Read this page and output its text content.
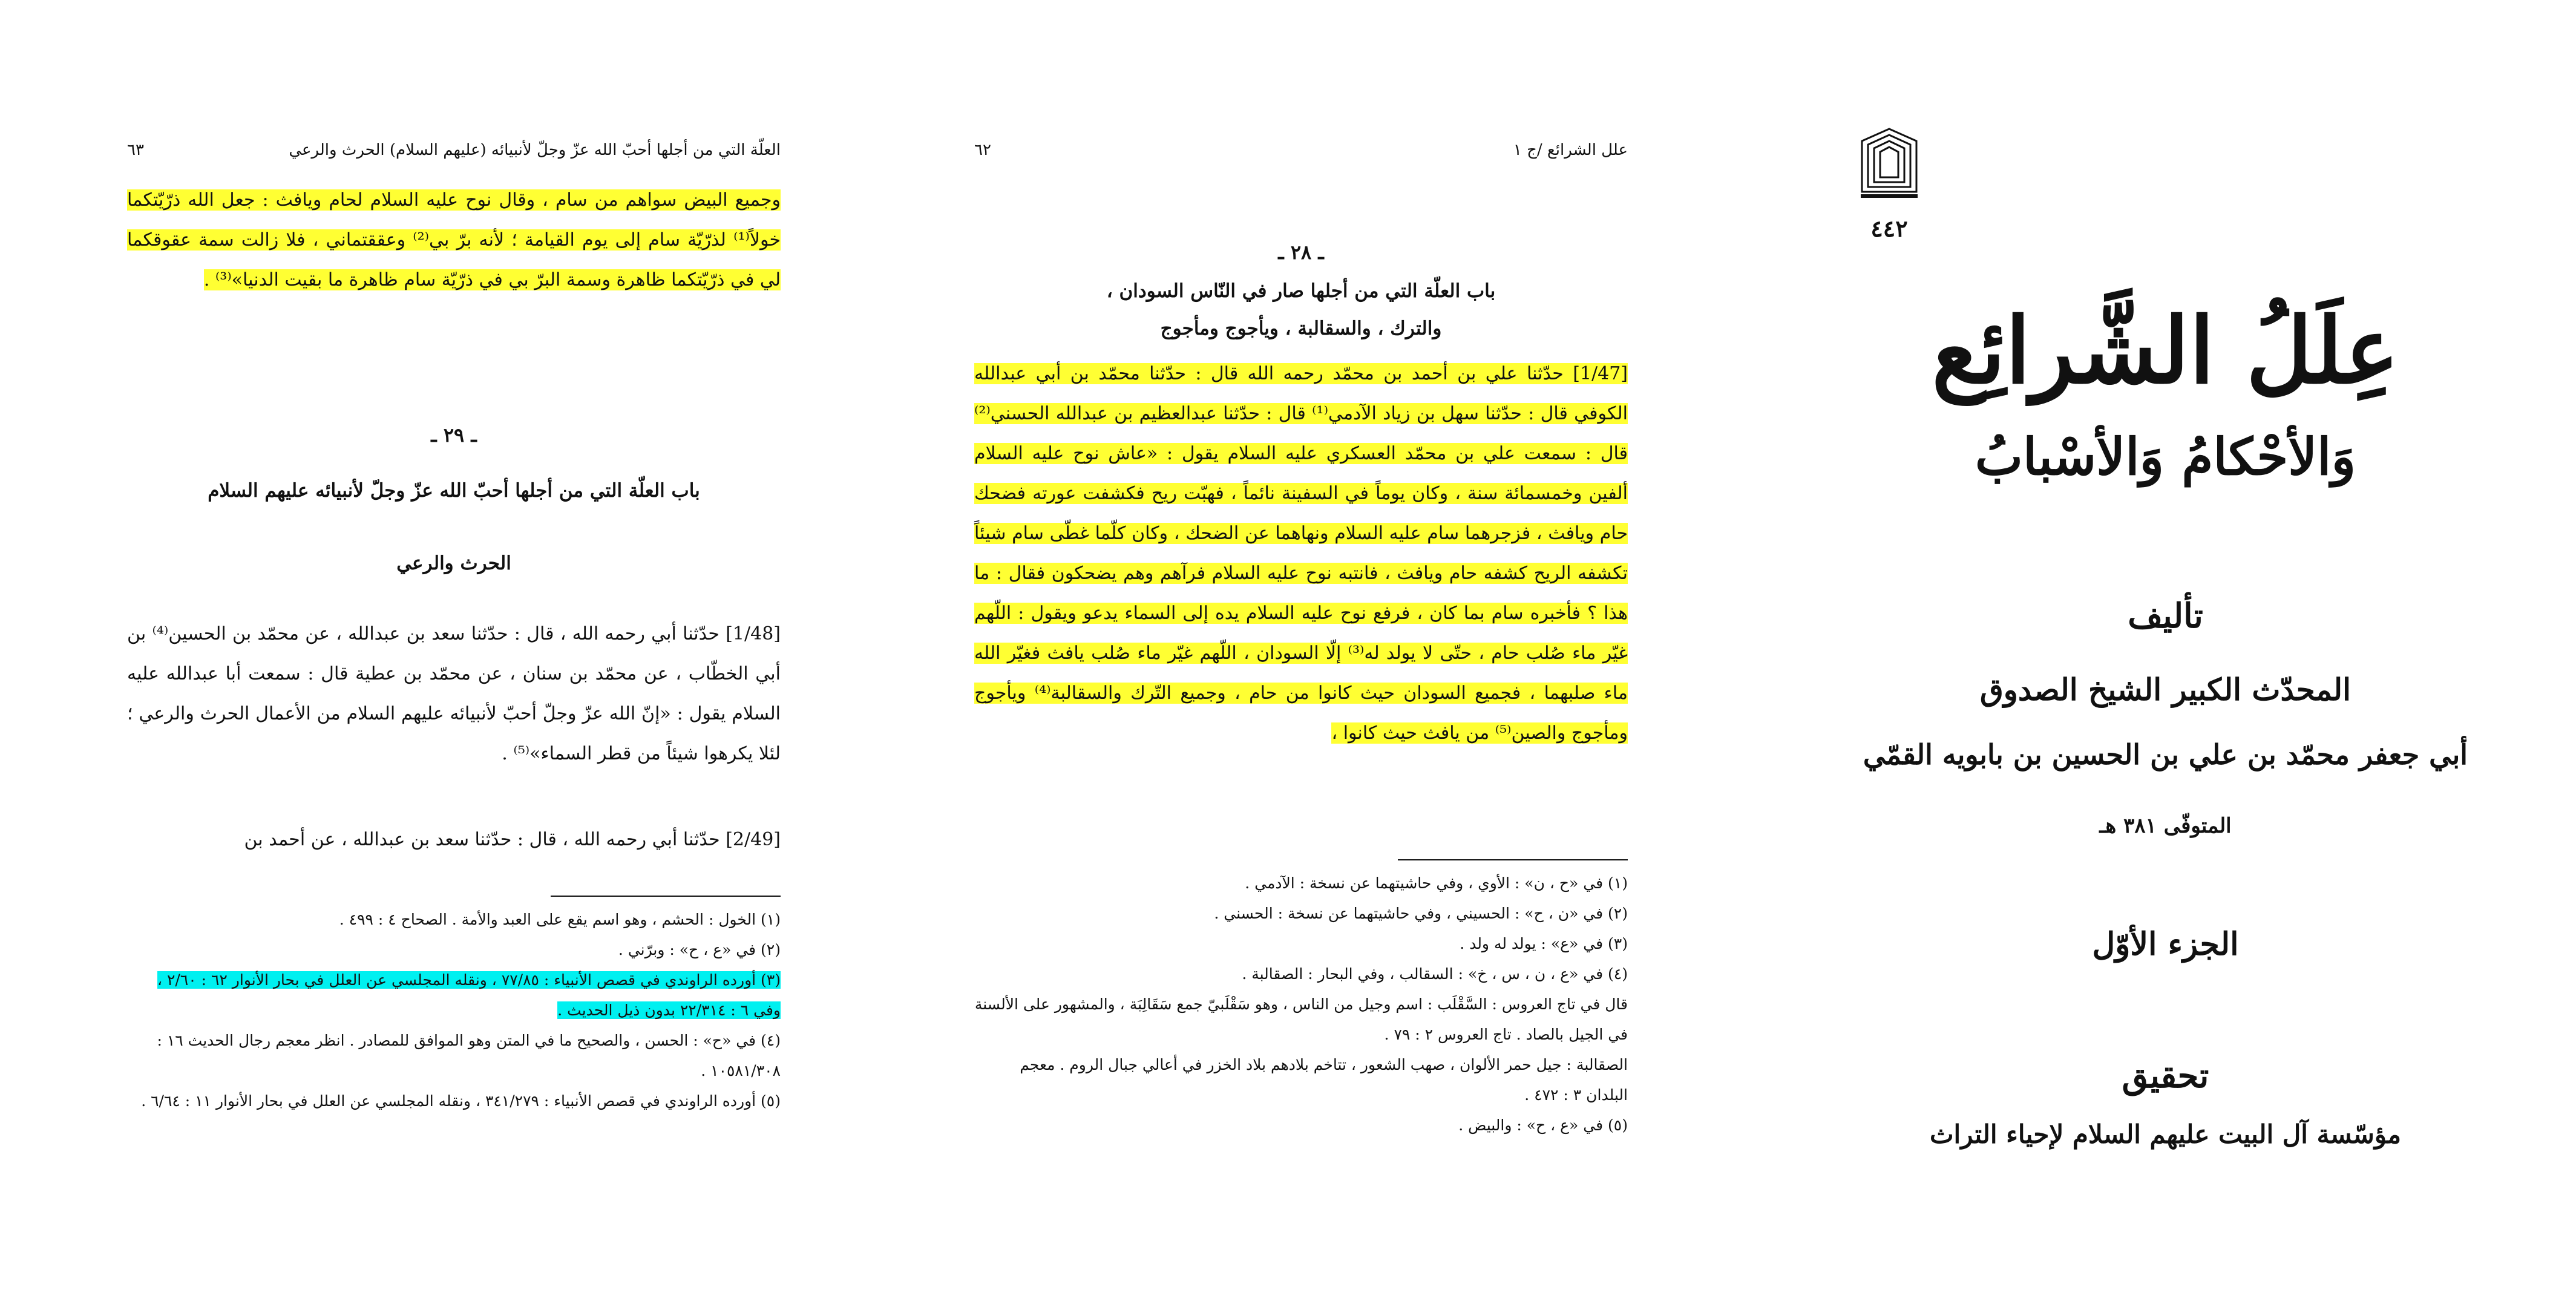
العلّة التي من أجلها أحبّ الله عزّ وجلّ لأنبيائه (عليهم السلام) الحرث والرعي
٦٣
وجميع البيض سواهم من سام ، وقال نوح عليه السلام لحام ويافث : جعل الله ذرّيّتكما خولاً⁽¹⁾ لذرّيّة سام إلى يوم القيامة ؛ لأنه برّ بي⁽²⁾ وعققتماني ، فلا زالت سمة عقوقكما لي في ذرّيّتكما ظاهرة وسمة البرّ بي في ذرّيّة سام ظاهرة ما بقيت الدنيا»⁽³⁾ .
ـ ٢٩ ـ
باب العلّة التي من أجلها أحبّ الله عزّ وجلّ لأنبيائه عليهم السلام
الحرث والرعي
[1/48] حدّثنا أبي رحمه الله ، قال : حدّثنا سعد بن عبدالله ، عن محمّد بن الحسين⁽⁴⁾ بن أبي الخطّاب ، عن محمّد بن سنان ، عن محمّد بن عطية قال : سمعت أبا عبدالله عليه السلام يقول : «إنّ الله عزّ وجلّ أحبّ لأنبيائه عليهم السلام من الأعمال الحرث والرعي ؛ لئلا يكرهوا شيئاً من قطر السماء»⁽⁵⁾ .
[2/49] حدّثنا أبي رحمه الله ، قال : حدّثنا سعد بن عبدالله ، عن أحمد بن

(١) الخول : الحشم ، وهو اسم يقع على العبد والأمة . الصحاح ٤ : ٤٩٩ .

(٢) في «ع ، ح» : وبرّني .

(٣) أورده الراوندي في قصص الأنبياء : ٧٧/٨٥ ، ونقله المجلسي عن العلل في بحار الأنوار ٦٢ : ٢/٦٠ ، وفي ٦ : ٢٢/٣١٤ بدون ذيل الحديث .

(٤) في «ح» : الحسن ، والصحيح ما في المتن وهو الموافق للمصادر . انظر معجم رجال الحديث ١٦ : ١٠٥٨١/٣٠٨ .

(٥) أورده الراوندي في قصص الأنبياء : ٣٤١/٢٧٩ ، ونقله المجلسي عن العلل في بحار الأنوار ١١ : ٦/٦٤ .

علل الشرائع /ج ١
٦٢
ـ ٢٨ ـ
باب العلّة التي من أجلها صار في النّاس السودان ،
والترك ، والسقالبة ، ويأجوج ومأجوج
[1/47] حدّثنا علي بن أحمد بن محمّد رحمه الله قال : حدّثنا محمّد بن أبي عبدالله الكوفي قال : حدّثنا سهل بن زياد الآدمي⁽¹⁾ قال : حدّثنا عبدالعظيم بن عبدالله الحسني⁽²⁾ قال : سمعت علي بن محمّد العسكري عليه السلام يقول : «عاش نوح عليه السلام ألفين وخمسمائة سنة ، وكان يوماً في السفينة نائماً ، فهبّت ريح فكشفت عورته فضحك حام ويافث ، فزجرهما سام عليه السلام ونهاهما عن الضحك ، وكان كلّما غطّى سام شيئاً تكشفه الريح كشفه حام ويافث ، فانتبه نوح عليه السلام فرآهم وهم يضحكون فقال : ما هذا ؟ فأخبره سام بما كان ، فرفع نوح عليه السلام يده إلى السماء يدعو ويقول : اللّهم غيّر ماء صُلب حام ، حتّى لا يولد له⁽³⁾ إلّا السودان ، اللّهم غيّر ماء صُلب يافث فغيّر الله ماء صلبهما ، فجميع السودان حيث كانوا من حام ، وجميع التّرك والسقالبة⁽⁴⁾ ويأجوج ومأجوج والصين⁽⁵⁾ من يافث حيث كانوا ،

(١) في «ح ، ن» : الأوي ، وفي حاشيتهما عن نسخة : الآدمي .

(٢) في «ن ، ح» : الحسيني ، وفي حاشيتهما عن نسخة : الحسني .

(٣) في «ع» : يولد له ولد .

(٤) في «ع ، ن ، س ، خ» : السقالب ، وفي البحار : الصقالبة .

قال في تاج العروس : السَّقْلَب : اسم وجيل من الناس ، وهو سَقْلَبيّ جمع سَقَالِبَة ، والمشهور على الألسنة في الجيل بالصاد . تاج العروس ٢ : ٧٩ .

الصقالبة : جيل حمر الألوان ، صهب الشعور ، تتاخم بلادهم بلاد الخزر في أعالي جبال الروم . معجم البلدان ٣ : ٤٧٢ .

(٥) في «ع ، ح» : والبيض .

٤٤٢
عِلَلُ الشَّرائِع
وَالأحْكامُ وَالأسْبابُ
تأليف
المحدّث الكبير الشيخ الصدوق
أبي جعفر محمّد بن علي بن الحسين بن بابويه القمّي
المتوفّى ٣٨١ هـ
الجزء الأوّل
تحقيق
مؤسّسة آل البيت عليهم السلام لإحياء التراث
